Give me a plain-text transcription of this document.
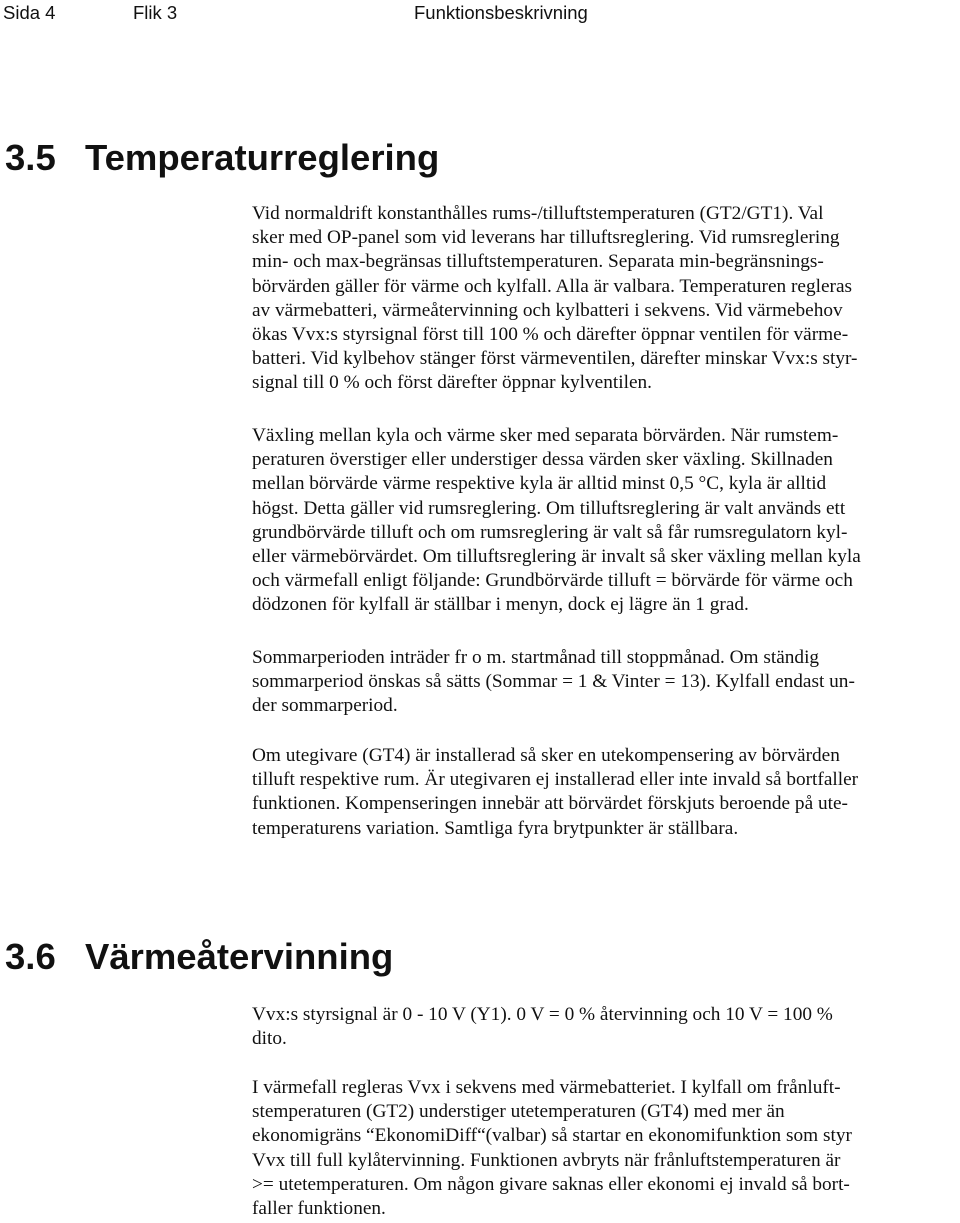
Sida 4	Flik 3	Funktionsbeskrivning
3.5 Temperaturreglering

Vid normaldrift konstanthålles rums-/tilluftstemperaturen (GT2/GT1). Val
sker med OP-panel som vid leverans har tilluftsreglering. Vid rumsreglering
min- och max-begränsas tilluftstemperaturen. Separata min-begränsnings-
börvärden gäller för värme och kylfall. Alla är valbara. Temperaturen regleras
av värmebatteri, värmeåtervinning och kylbatteri i sekvens. Vid värmebehov
ökas Vvx:s styrsignal först till 100 % och därefter öppnar ventilen för värme-
batteri. Vid kylbehov stänger först värmeventilen, därefter minskar Vvx:s styr-
signal till 0 % och först därefter öppnar kylventilen.

Växling mellan kyla och värme sker med separata börvärden. När rumstem-
peraturen överstiger eller understiger dessa värden sker växling. Skillnaden
mellan börvärde värme respektive kyla är alltid minst 0,5 °C, kyla är alltid
högst. Detta gäller vid rumsreglering. Om tilluftsreglering är valt används ett
grundbörvärde tilluft och om rumsreglering är valt så får rumsregulatorn kyl-
eller värmebörvärdet. Om tilluftsreglering är invalt så sker växling mellan kyla
och värmefall enligt följande: Grundbörvärde tilluft = börvärde för värme och
dödzonen för kylfall är ställbar i menyn, dock ej lägre än 1 grad.

Sommarperioden inträder fr o m. startmånad till stoppmånad. Om ständig
sommarperiod önskas så sätts (Sommar = 1 & Vinter = 13). Kylfall endast un-
der sommarperiod.

Om utegivare (GT4) är installerad så sker en utekompensering av börvärden
tilluft respektive rum. Är utegivaren ej installerad eller inte invald så bortfaller
funktionen. Kompenseringen innebär att börvärdet förskjuts beroende på ute-
temperaturens variation. Samtliga fyra brytpunkter är ställbara.

3.6 Värmeåtervinning

Vvx:s styrsignal är 0 - 10 V (Y1). 0 V = 0 % återvinning och 10 V = 100 %
dito.

I värmefall regleras Vvx i sekvens med värmebatteriet. I kylfall om frånluft-
stemperaturen (GT2) understiger utetemperaturen (GT4) med mer än
ekonomigräns “EkonomiDiff“(valbar) så startar en ekonomifunktion som styr
Vvx till full kylåtervinning. Funktionen avbryts när frånluftstemperaturen är
>= utetemperaturen. Om någon givare saknas eller ekonomi ej invald så bort-
faller funktionen.
